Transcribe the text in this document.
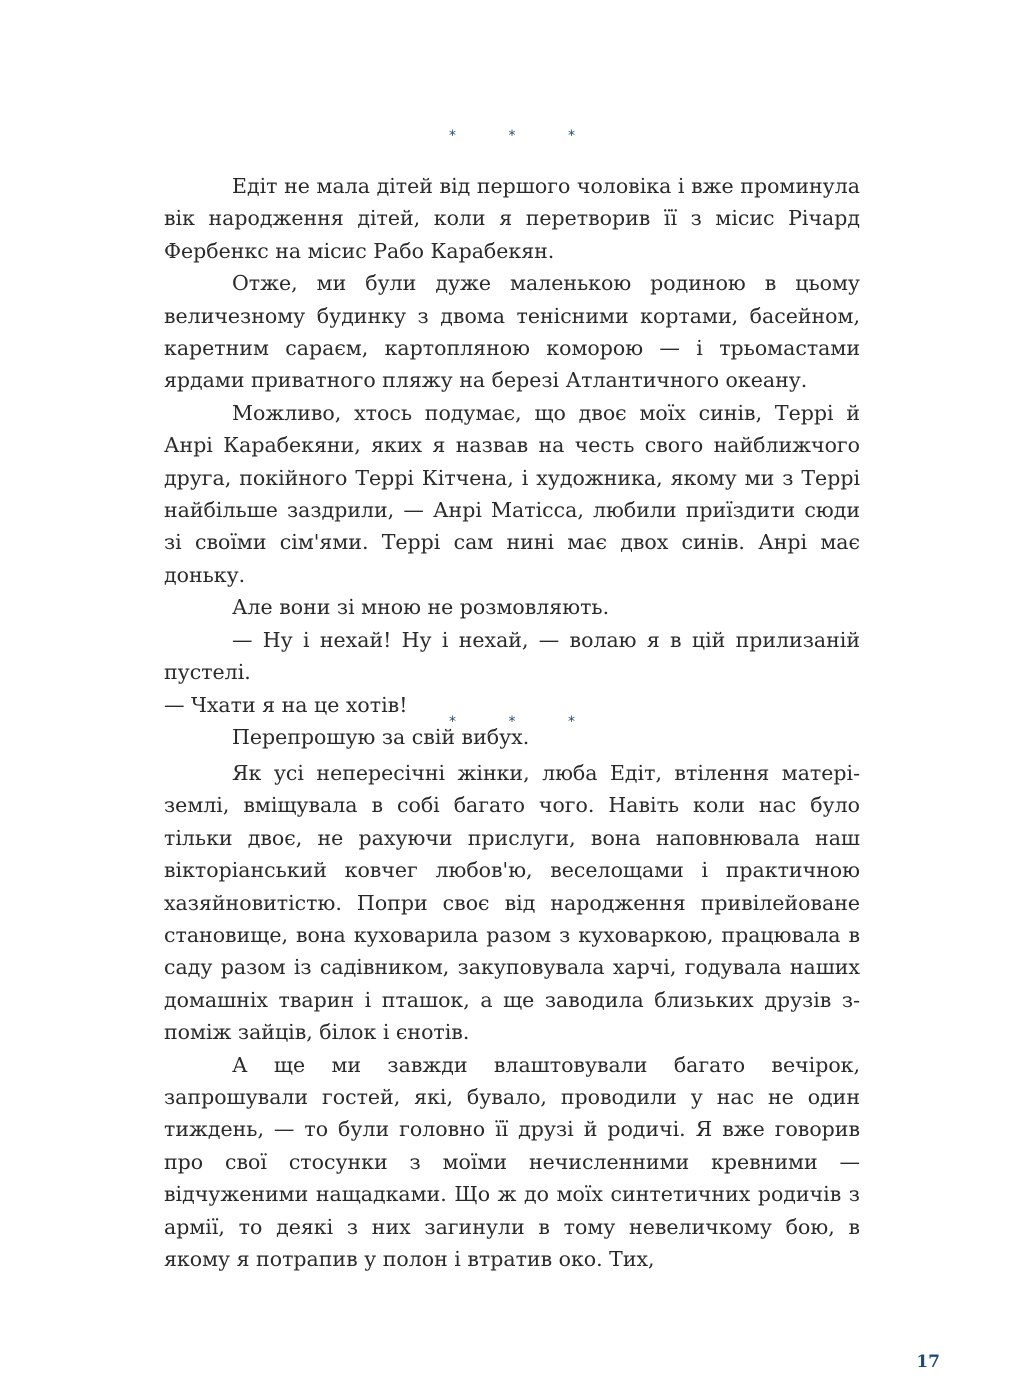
* * *

Едіт не мала дітей від першого чоловіка і вже проминула вік народження дітей, коли я перетворив її з місис Річард Фербенкс на місис Рабо Карабекян.

Отже, ми були дуже маленькою родиною в цьому величезному будинку з двома тенісними кортами, басейном, каретним сараєм, картопляною коморою — і трьомастами ярдами приватного пляжу на березі Атлантичного океану.

Можливо, хтось подумає, що двоє моїх синів, Террі й Анрі Карабекяни, яких я назвав на честь свого найближчого друга, покійного Террі Кітчена, і художника, якому ми з Террі найбільше заздрили, — Анрі Матісса, любили приїздити сюди зі своїми сім'ями. Террі сам нині має двох синів. Анрі має доньку.

Але вони зі мною не розмовляють.

— Ну і нехай! Ну і нехай, — волаю я в цій прилизаній пустелі.

— Чхати я на це хотів!

Перепрошую за свій вибух.

* * *

Як усі непересічні жінки, люба Едіт, втілення матері-землі, вміщувала в собі багато чого. Навіть коли нас було тільки двоє, не рахуючи прислуги, вона наповнювала наш вікторіанський ковчег любов'ю, веселощами і практичною хазяйновитістю. Попри своє від народження привілейоване становище, вона куховарила разом з куховаркою, працювала в саду разом із садівником, закуповувала харчі, годувала наших домашніх тварин і пташок, а ще заводила близьких друзів з-поміж зайців, білок і єнотів.

А ще ми завжди влаштовували багато вечірок, запрошували гостей, які, бувало, проводили у нас не один тиждень, — то були головно її друзі й родичі. Я вже говорив про свої стосунки з моїми нечисленними кревними — відчуженими нащадками. Що ж до моїх синтетичних родичів з армії, то деякі з них загинули в тому невеличкому бою, в якому я потрапив у полон і втратив око. Тих,

17
